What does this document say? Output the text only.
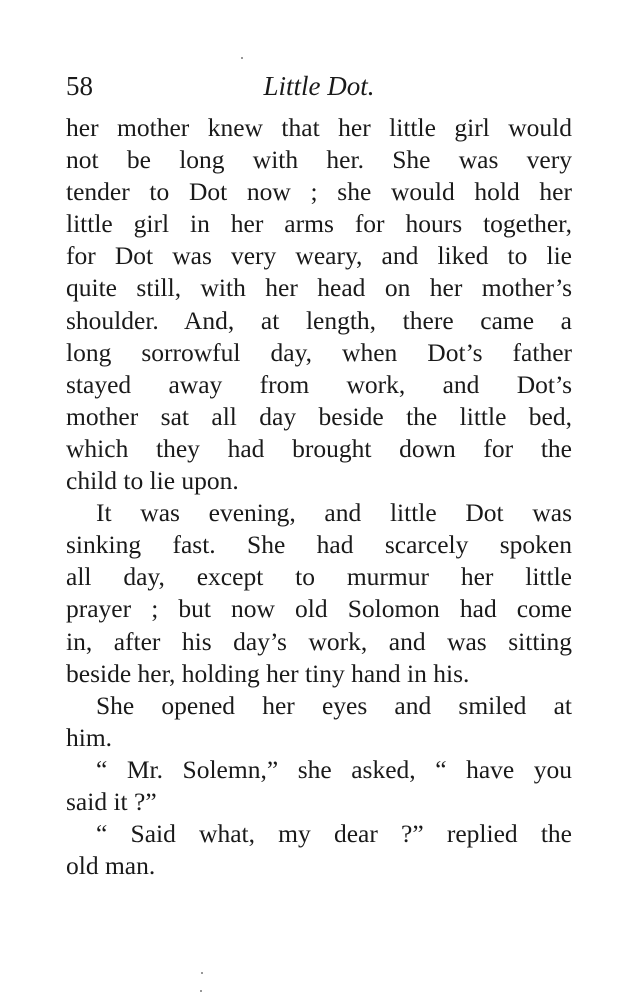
58	Little Dot.
her mother knew that her little girl would
not be long with her. She was very
tender to Dot now ; she would hold her
little girl in her arms for hours together,
for Dot was very weary, and liked to lie
quite still, with her head on her mother’s
shoulder. And, at length, there came a
long sorrowful day, when Dot’s father
stayed away from work, and Dot’s
mother sat all day beside the little bed,
which they had brought down for the
child to lie upon.
It was evening, and little Dot was
sinking fast. She had scarcely spoken
all day, except to murmur her little
prayer ; but now old Solomon had come
in, after his day’s work, and was sitting
beside her, holding her tiny hand in his.
She opened her eyes and smiled at
him.
“ Mr. Solemn,” she asked, “ have you
said it ?”
“ Said what, my dear ?” replied the
old man.
